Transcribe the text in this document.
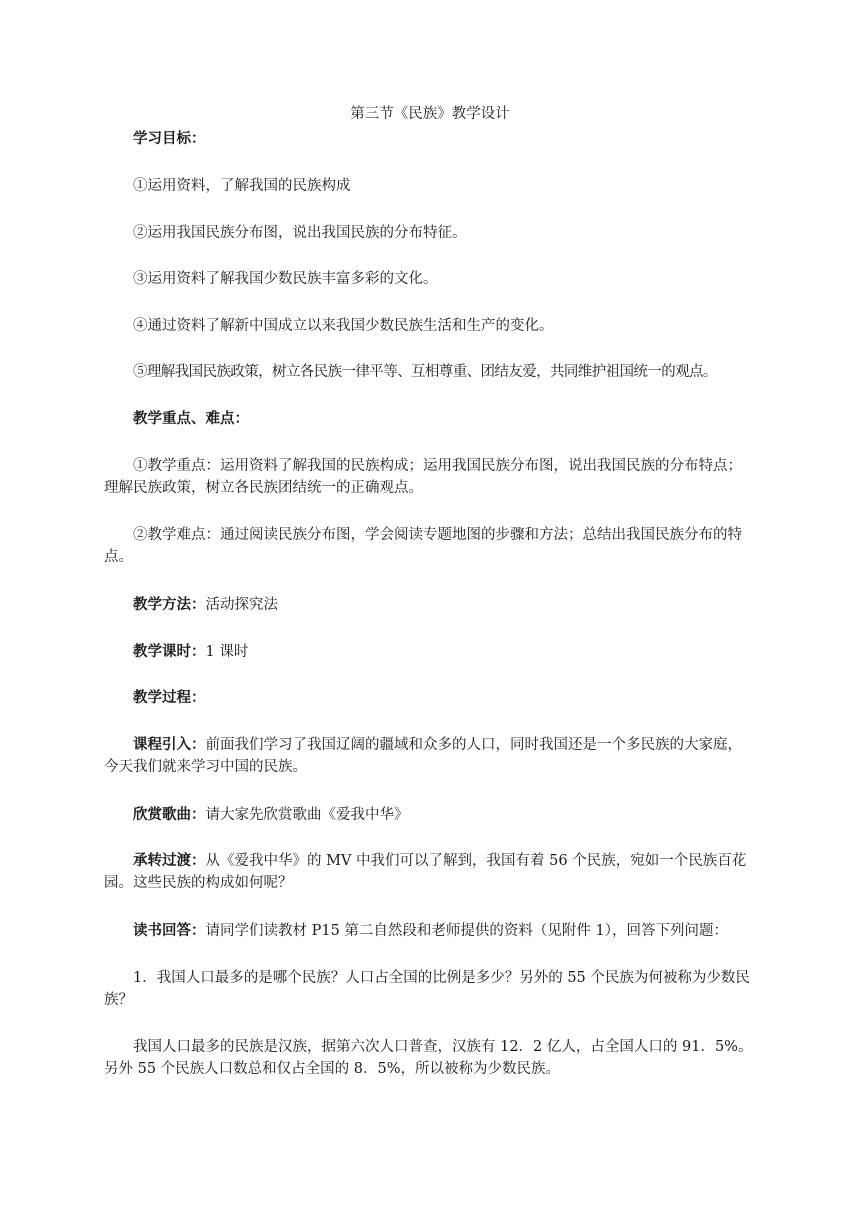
第三节《民族》教学设计

学习目标：

①运用资料，了解我国的民族构成

②运用我国民族分布图，说出我国民族的分布特征。

③运用资料了解我国少数民族丰富多彩的文化。

④通过资料了解新中国成立以来我国少数民族生活和生产的变化。

⑤理解我国民族政策，树立各民族一律平等、互相尊重、团结友爱，共同维护祖国统一的观点。

教学重点、难点：

①教学重点：运用资料了解我国的民族构成；运用我国民族分布图，说出我国民族的分布特点；理解民族政策，树立各民族团结统一的正确观点。

②教学难点：通过阅读民族分布图，学会阅读专题地图的步骤和方法；总结出我国民族分布的特点。

教学方法：活动探究法

教学课时：1 课时

教学过程：

课程引入：前面我们学习了我国辽阔的疆域和众多的人口，同时我国还是一个多民族的大家庭，今天我们就来学习中国的民族。

欣赏歌曲：请大家先欣赏歌曲《爱我中华》

承转过渡：从《爱我中华》的 MV 中我们可以了解到，我国有着 56 个民族，宛如一个民族百花园。这些民族的构成如何呢？

读书回答：请同学们读教材 P15 第二自然段和老师提供的资料（见附件 1），回答下列问题：

1．我国人口最多的是哪个民族？人口占全国的比例是多少？另外的 55 个民族为何被称为少数民族？

我国人口最多的民族是汉族，据第六次人口普查，汉族有 12．2 亿人，占全国人口的 91．5%。另外 55 个民族人口数总和仅占全国的 8．5%，所以被称为少数民族。
